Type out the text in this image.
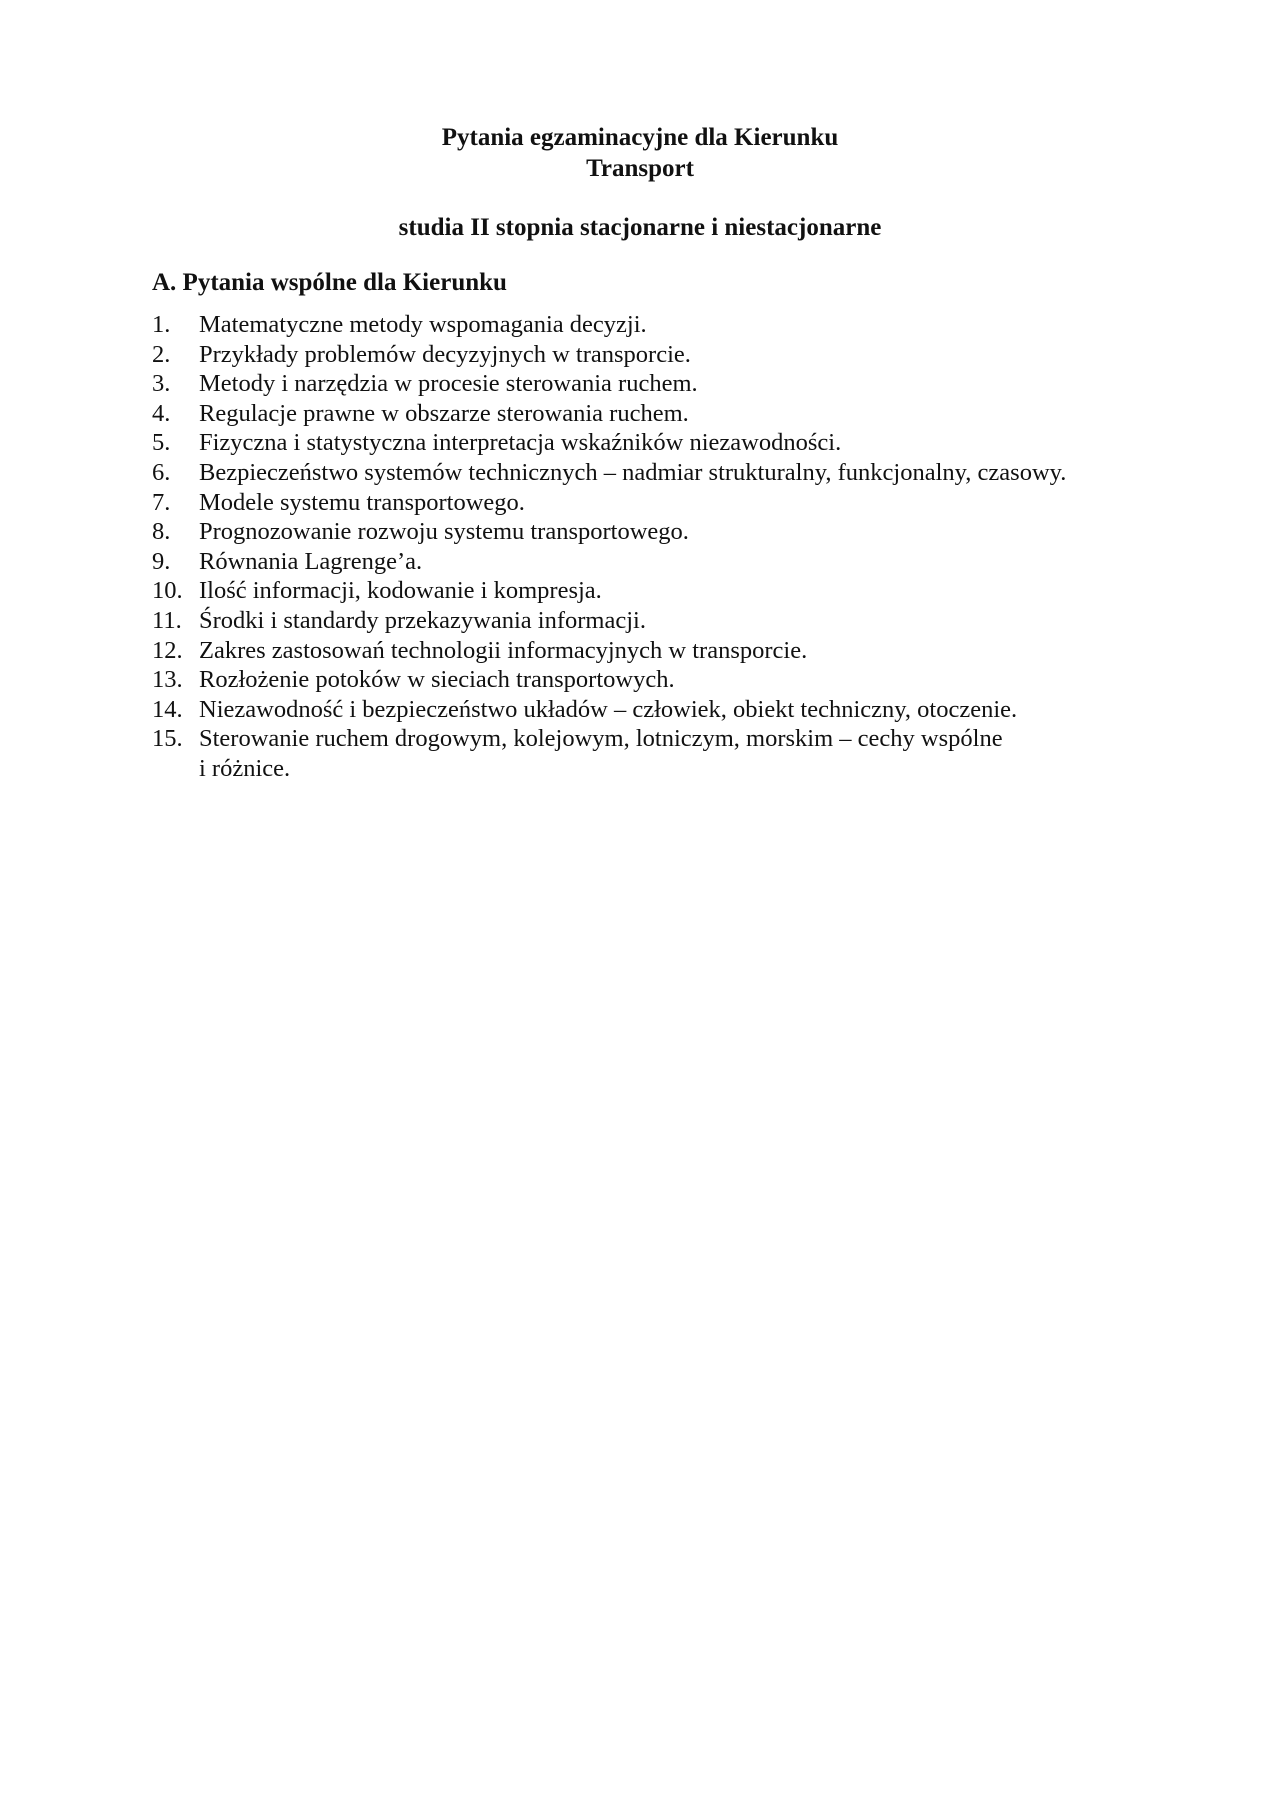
Pytania egzaminacyjne dla Kierunku
Transport
studia II stopnia stacjonarne i niestacjonarne
A. Pytania wspólne dla Kierunku
1.	Matematyczne metody wspomagania decyzji.
2.	Przykłady problemów decyzyjnych w transporcie.
3.	Metody i narzędzia w procesie sterowania ruchem.
4.	Regulacje prawne w obszarze sterowania ruchem.
5.	Fizyczna i statystyczna interpretacja wskaźników niezawodności.
6.	Bezpieczeństwo systemów technicznych – nadmiar strukturalny, funkcjonalny, czasowy.
7.	Modele systemu transportowego.
8.	Prognozowanie rozwoju systemu transportowego.
9.	Równania Lagrenge’a.
10. Ilość informacji, kodowanie i kompresja.
11. Środki i standardy przekazywania informacji.
12. Zakres zastosowań technologii informacyjnych w transporcie.
13. Rozłożenie potoków w sieciach transportowych.
14. Niezawodność i bezpieczeństwo układów – człowiek, obiekt techniczny, otoczenie.
15. Sterowanie ruchem drogowym, kolejowym, lotniczym, morskim – cechy wspólne
i różnice.
